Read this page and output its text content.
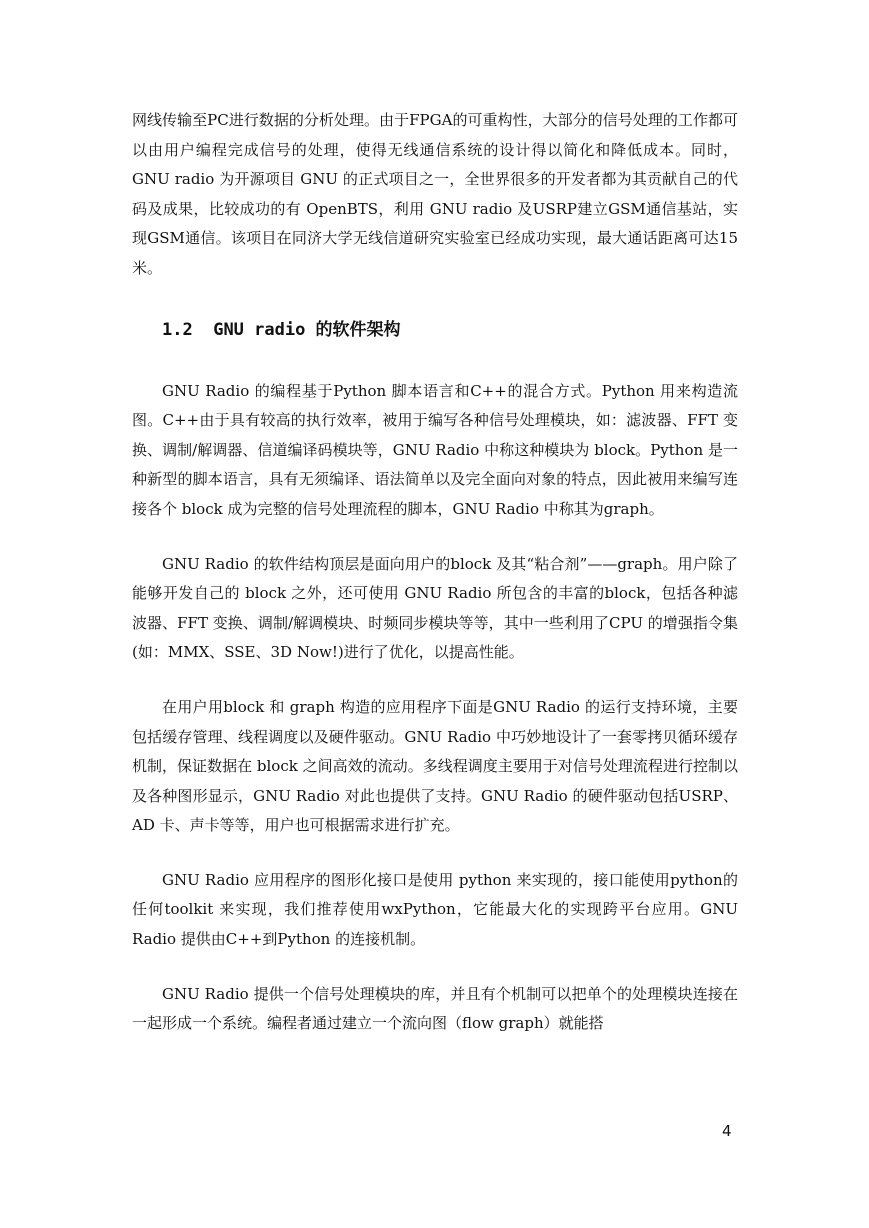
网线传输至PC进行数据的分析处理。由于FPGA的可重构性，大部分的信号处理的工作都可以由用户编程完成信号的处理，使得无线通信系统的设计得以简化和降低成本。同时，GNU radio 为开源项目 GNU 的正式项目之一，全世界很多的开发者都为其贡献自己的代码及成果，比较成功的有 OpenBTS，利用 GNU radio 及USRP建立GSM通信基站，实现GSM通信。该项目在同济大学无线信道研究实验室已经成功实现，最大通话距离可达15米。

1.2 GNU radio 的软件架构

GNU Radio 的编程基于Python 脚本语言和C++的混合方式。Python 用来构造流图。C++由于具有较高的执行效率，被用于编写各种信号处理模块，如：滤波器、FFT 变换、调制/解调器、信道编译码模块等，GNU Radio 中称这种模块为 block。Python 是一种新型的脚本语言，具有无须编译、语法简单以及完全面向对象的特点，因此被用来编写连接各个 block 成为完整的信号处理流程的脚本，GNU Radio 中称其为graph。

GNU Radio 的软件结构顶层是面向用户的block 及其“粘合剂”——graph。用户除了能够开发自己的 block 之外，还可使用 GNU Radio 所包含的丰富的block，包括各种滤波器、FFT 变换、调制/解调模块、时频同步模块等等，其中一些利用了CPU 的增强指令集(如：MMX、SSE、3D Now!)进行了优化，以提高性能。

在用户用block 和 graph 构造的应用程序下面是GNU Radio 的运行支持环境，主要包括缓存管理、线程调度以及硬件驱动。GNU Radio 中巧妙地设计了一套零拷贝循环缓存机制，保证数据在 block 之间高效的流动。多线程调度主要用于对信号处理流程进行控制以及各种图形显示，GNU Radio 对此也提供了支持。GNU Radio 的硬件驱动包括USRP、AD 卡、声卡等等，用户也可根据需求进行扩充。

GNU Radio 应用程序的图形化接口是使用 python 来实现的，接口能使用python的任何toolkit 来实现，我们推荐使用wxPython，它能最大化的实现跨平台应用。GNU Radio 提供由C++到Python 的连接机制。

GNU Radio 提供一个信号处理模块的库，并且有个机制可以把单个的处理模块连接在一起形成一个系统。编程者通过建立一个流向图（flow graph）就能搭

4
